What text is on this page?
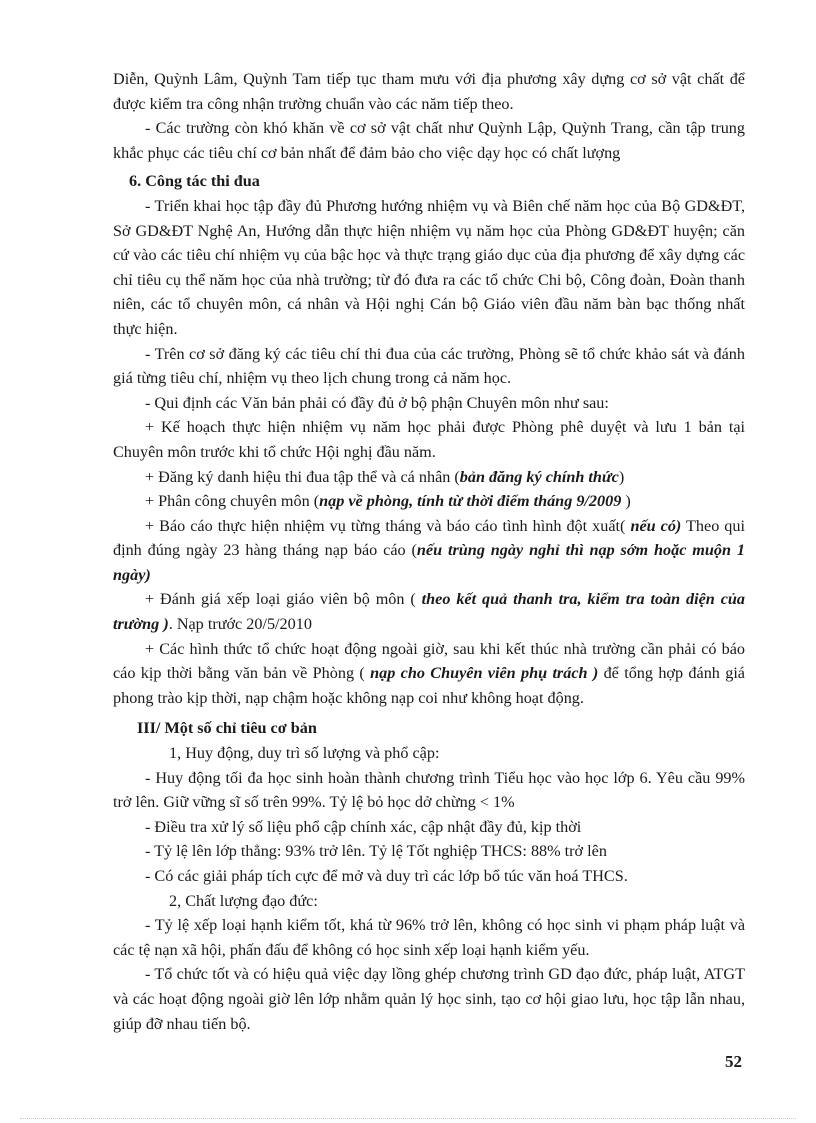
Diễn, Quỳnh Lâm, Quỳnh Tam tiếp tục tham mưu với địa phương xây dựng cơ sở vật chất để được kiểm tra công nhận trường chuẩn vào các năm tiếp theo.

- Các trường còn khó khăn về cơ sở vật chất như Quỳnh Lập, Quỳnh Trang, cần tập trung khắc phục các tiêu chí cơ bản nhất để đảm bảo cho việc dạy học có chất lượng

6. Công tác thi đua

- Triển khai học tập đầy đủ Phương hướng nhiệm vụ và Biên chế năm học của Bộ GD&ĐT, Sở GD&ĐT Nghệ An, Hướng dẫn thực hiện nhiệm vụ năm học của Phòng GD&ĐT huyện; căn cứ vào các tiêu chí nhiệm vụ của bậc học và thực trạng giáo dục của địa phương để xây dựng các chỉ tiêu cụ thể năm học của nhà trường; từ đó đưa ra các tổ chức Chi bộ, Công đoàn, Đoàn thanh niên, các tổ chuyên môn, cá nhân và Hội nghị Cán bộ Giáo viên đầu năm bàn bạc thống nhất thực hiện.

- Trên cơ sở đăng ký các tiêu chí thi đua của các trường, Phòng sẽ tổ chức khảo sát và đánh giá từng tiêu chí, nhiệm vụ theo lịch chung trong cả năm học.

- Qui định các Văn bản phải có đầy đủ ở bộ phận Chuyên môn như sau:

+ Kế hoạch thực hiện nhiệm vụ năm học phải được Phòng phê duyệt và lưu 1 bản tại Chuyên môn trước khi tổ chức Hội nghị đầu năm.

+ Đăng ký danh hiệu thi đua tập thể và cá nhân (bản đăng ký chính thức)

+ Phân công chuyên môn (nạp về phòng, tính từ thời điểm tháng 9/2009 )

+ Báo cáo thực hiện nhiệm vụ từng tháng và báo cáo tình hình đột xuất( nếu có) Theo qui định đúng ngày 23 hàng tháng nạp báo cáo (nếu trùng ngày nghỉ thì nạp sớm hoặc muộn 1 ngày)

+ Đánh giá xếp loại giáo viên bộ môn ( theo kết quả thanh tra, kiểm tra toàn diện của trường ). Nạp trước 20/5/2010

+ Các hình thức tổ chức hoạt động ngoài giờ, sau khi kết thúc nhà trường cần phải có báo cáo kịp thời bằng văn bản về Phòng ( nạp cho Chuyên viên phụ trách ) để tổng hợp đánh giá phong trào kịp thời, nạp chậm hoặc không nạp coi như không hoạt động.

III/ Một số chỉ tiêu cơ bản

1, Huy động, duy trì số lượng và phổ cập:

- Huy động tối đa học sinh hoàn thành chương trình Tiểu học vào học lớp 6. Yêu cầu 99% trở lên. Giữ vững sĩ số trên 99%. Tỷ lệ bỏ học dở chừng < 1%

- Điều tra xử lý số liệu phổ cập chính xác, cập nhật đầy đủ, kịp thời

- Tỷ lệ lên lớp thẳng: 93% trở lên. Tỷ lệ Tốt nghiệp THCS: 88% trở lên

- Có các giải pháp tích cực để mở và duy trì các lớp bổ túc văn hoá THCS.

2, Chất lượng đạo đức:

- Tỷ lệ xếp loại hạnh kiểm tốt, khá từ 96% trở lên, không có học sinh vi phạm pháp luật và các tệ nạn xã hội, phấn đấu để không có học sinh xếp loại hạnh kiểm yếu.

- Tổ chức tốt và có hiệu quả việc dạy lồng ghép chương trình GD đạo đức, pháp luật, ATGT và các hoạt động ngoài giờ lên lớp nhằm quản lý học sinh, tạo cơ hội giao lưu, học tập lẫn nhau, giúp đỡ nhau tiến bộ.

52
